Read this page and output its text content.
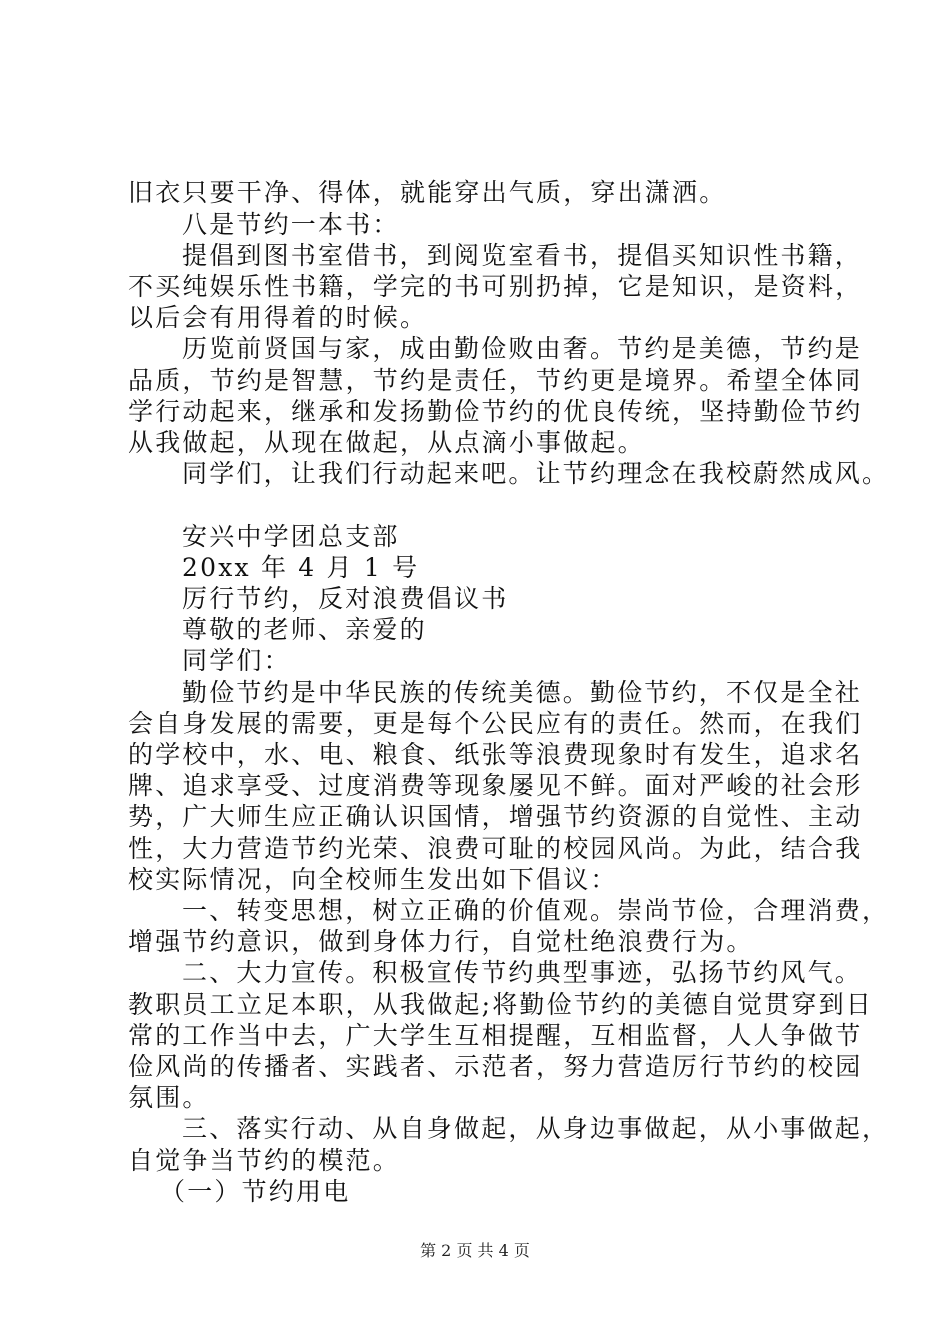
旧衣只要干净、得体，就能穿出气质，穿出潇洒。
八是节约一本书：
提倡到图书室借书，到阅览室看书，提倡买知识性书籍，
不买纯娱乐性书籍，学完的书可别扔掉，它是知识，是资料，
以后会有用得着的时候。
历览前贤国与家，成由勤俭败由奢。节约是美德，节约是
品质，节约是智慧，节约是责任，节约更是境界。希望全体同
学行动起来，继承和发扬勤俭节约的优良传统，坚持勤俭节约
从我做起，从现在做起，从点滴小事做起。
同学们，让我们行动起来吧。让节约理念在我校蔚然成风。
安兴中学团总支部
20xx 年 4 月 1 号
厉行节约，反对浪费倡议书
尊敬的老师、亲爱的
同学们：
勤俭节约是中华民族的传统美德。勤俭节约，不仅是全社
会自身发展的需要，更是每个公民应有的责任。然而，在我们
的学校中，水、电、粮食、纸张等浪费现象时有发生，追求名
牌、追求享受、过度消费等现象屡见不鲜。面对严峻的社会形
势，广大师生应正确认识国情，增强节约资源的自觉性、主动
性，大力营造节约光荣、浪费可耻的校园风尚。为此，结合我
校实际情况，向全校师生发出如下倡议：
一、转变思想，树立正确的价值观。崇尚节俭，合理消费，
增强节约意识，做到身体力行，自觉杜绝浪费行为。
二、大力宣传。积极宣传节约典型事迹，弘扬节约风气。
教职员工立足本职，从我做起;将勤俭节约的美德自觉贯穿到日
常的工作当中去，广大学生互相提醒，互相监督，人人争做节
俭风尚的传播者、实践者、示范者，努力营造厉行节约的校园
氛围。
三、落实行动、从自身做起，从身边事做起，从小事做起，
自觉争当节约的模范。
（一）节约用电
第 2 页 共 4 页
